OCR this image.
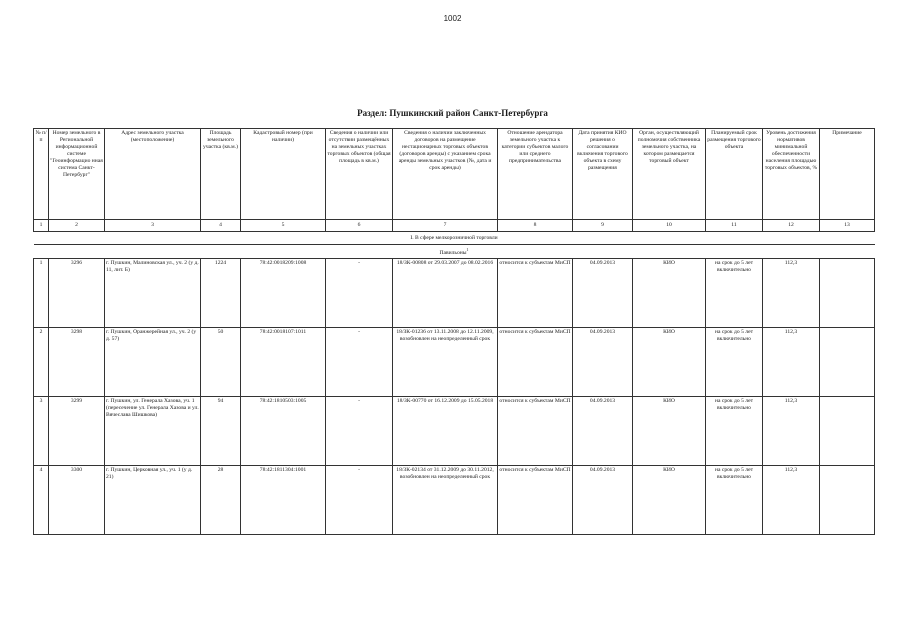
1002
Раздел: Пушкинский район Санкт-Петербурга
№ п/п	Номер земельного в Региональной информационной системе "Геоинформацио нная система Санкт-Петербург"	Адрес земельного участка (местоположение)	Площадь земельного участка (кв.м.)	Кадастровый номер (при наличии)	Сведения о наличии или отсутствии размещённых на земельных участках торговых объектов (общая площадь в кв.м.)	Сведения о наличии заключенных договоров на размещение нестационарных торговых объектов (договоров аренды) с указанием срока аренды земельных участков (№, дата и срок аренды)	Отношение арендатора земельного участка к категории субъектов малого или среднего предпринимательства	Дата принятия КИО решения о согласовании включения торгового объекта в схему размещения	Орган, осуществляющий полномочия собственника земельного участка, на котором размещается торговый объект	Планируемый срок размещения торгового объекта	Уровень достижения нормативов минимальной обеспеченности населения площадью торговых объектов, %	Примечание
1	2	3	4	5	6	7	8	9	10	11	12	13
I. В сфере мелкорозничной торговли												
Павильоны$^1$
1	3296	г. Пушкин, Малиновская ул., уч. 2 (у д. 11, лит. Б)	1224	78:42:0018209:1008	-	18/ЗК-00808 от 29.03.2007 до 08.02.2016	относится к субъектам МиСП	04.09.2013	КИО	на срок до 5 лет включительно	112,3	
2	3298	г. Пушкин, Оранжерейная ул., уч. 2 (у д. 57)	50	78:42:0018107:1011	-	18/ЗК-01236 от 13.11.2008 до 12.11.2009, возобновлен на неопределенный срок	относится к субъектам МиСП	04.09.2013	КИО	на срок до 5 лет включительно	112,3	
3	3299	г. Пушкин, ул. Генерала Хазова, уч. 1 (пересечение ул. Генерала Хазова и ул. Вячеслава Шишкова)	94	78:42:1810503:1005	-	18/ЗК-00770 от 16.12.2009 до 15.05.2018	относится к субъектам МиСП	04.09.2013	КИО	на срок до 5 лет включительно	112,3	
4	3300	г. Пушкин, Церковная ул., уч. 1 (у д. 21)	28	78:42:1811304:1001	-	18/ЗК-02134 от 31.12.2009 до 30.11.2012, возобновлен на неопределенный срок	относится к субъектам МиСП	04.09.2013	КИО	на срок до 5 лет включительно	112,3	
